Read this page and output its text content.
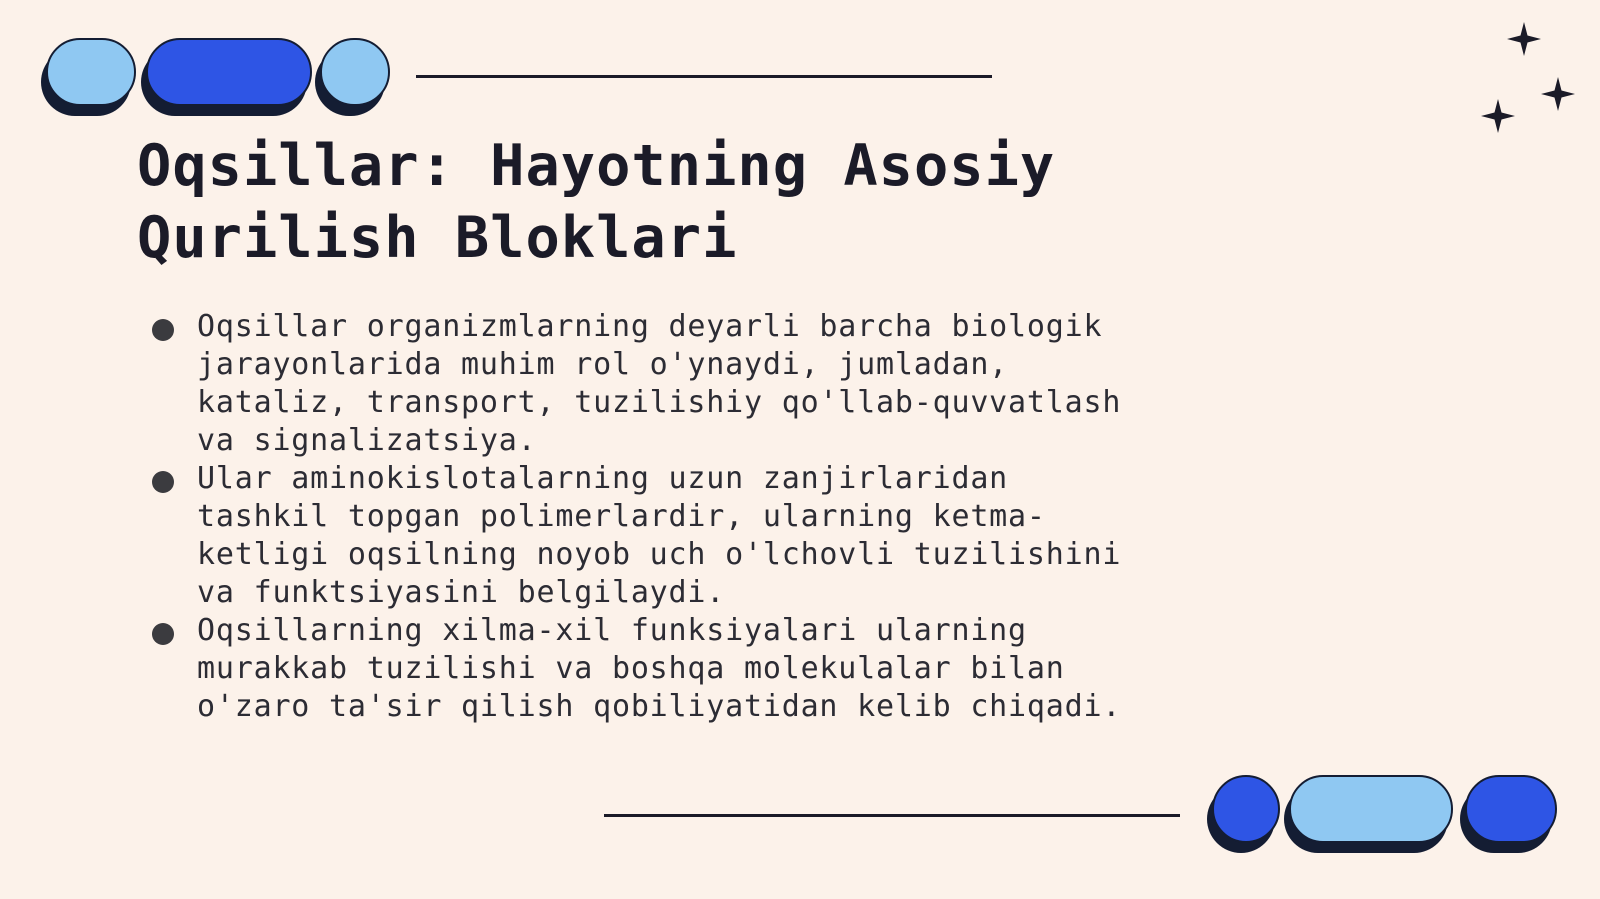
Oqsillar: Hayotning Asosiy
Qurilish Bloklari
Oqsillar organizmlarning deyarli barcha biologik
jarayonlarida muhim rol o'ynaydi, jumladan,
kataliz, transport, tuzilishiy qo'llab-quvvatlash
va signalizatsiya.
Ular aminokislotalarning uzun zanjirlaridan
tashkil topgan polimerlardir, ularning ketma-
ketligi oqsilning noyob uch o'lchovli tuzilishini
va funktsiyasini belgilaydi.
Oqsillarning xilma-xil funksiyalari ularning
murakkab tuzilishi va boshqa molekulalar bilan
o'zaro ta'sir qilish qobiliyatidan kelib chiqadi.
